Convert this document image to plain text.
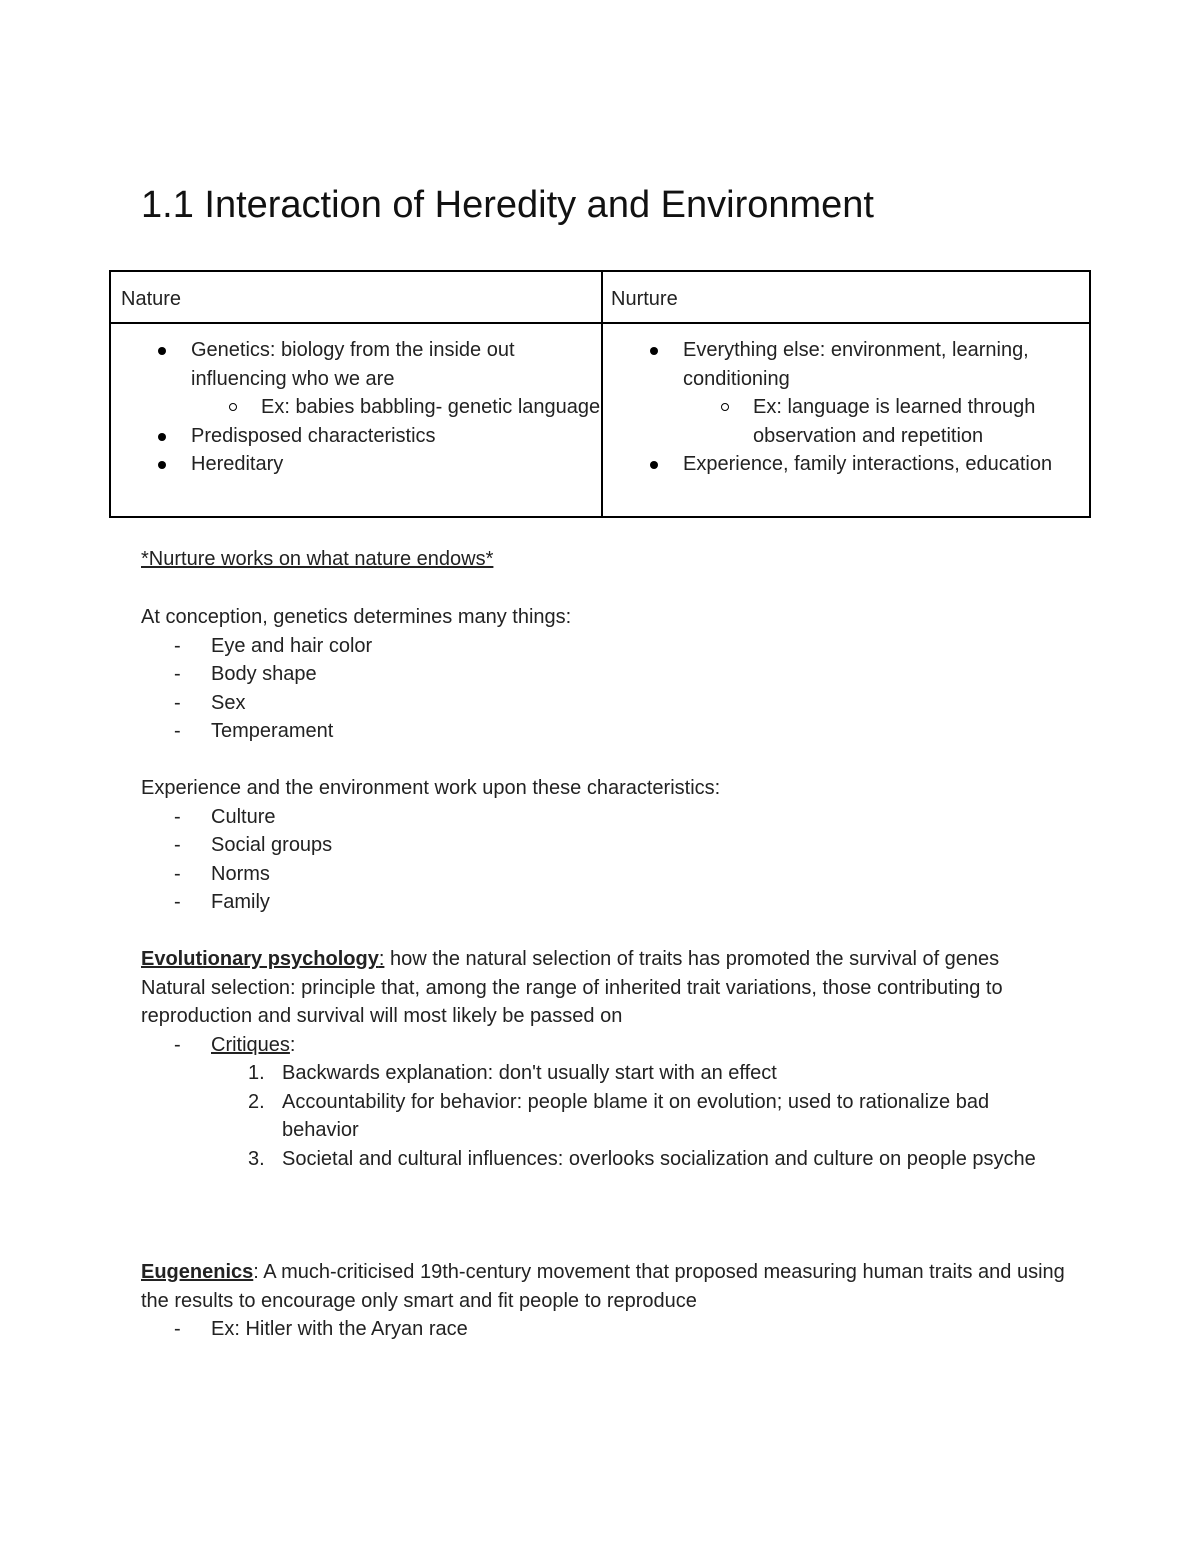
1.1 Interaction of Heredity and Environment
Nature	Nurture
Genetics: biology from the inside out influencing who we are
Ex: babies babbling- genetic language
Predisposed characteristics
Hereditary
Everything else: environment, learning, conditioning
Ex: language is learned through observation and repetition
Experience, family interactions, education
*Nurture works on what nature endows*
At conception, genetics determines many things:
- Eye and hair color
- Body shape
- Sex
- Temperament
Experience and the environment work upon these characteristics:
- Culture
- Social groups
- Norms
- Family
Evolutionary psychology: how the natural selection of traits has promoted the survival of genes
Natural selection: principle that, among the range of inherited trait variations, those contributing to reproduction and survival will most likely be passed on
- Critiques:
1. Backwards explanation: don't usually start with an effect
2. Accountability for behavior: people blame it on evolution; used to rationalize bad behavior
3. Societal and cultural influences: overlooks socialization and culture on people psyche
Eugenenics: A much-criticised 19th-century movement that proposed measuring human traits and using the results to encourage only smart and fit people to reproduce
- Ex: Hitler with the Aryan race
